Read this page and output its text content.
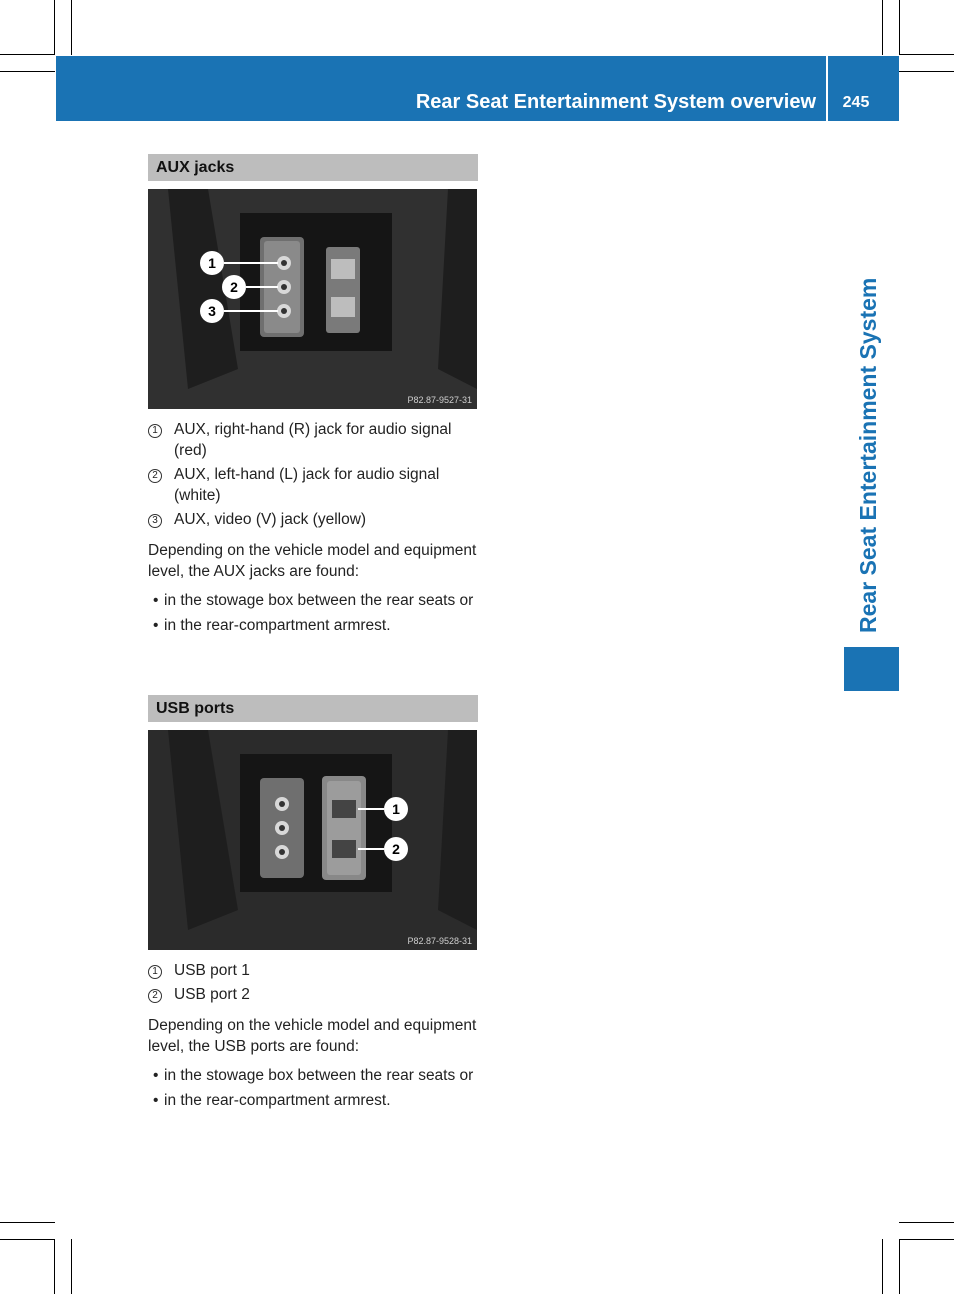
Rear Seat Entertainment System overview	245
Rear Seat Entertainment System
AUX jacks
1
2
3
P82.87-9527-31
1	AUX, right-hand (R) jack for audio signal (red)
2	AUX, left-hand (L) jack for audio signal (white)
3	AUX, video (V) jack (yellow)

Depending on the vehicle model and equipment level, the AUX jacks are found:

• in the stowage box between the rear seats or
• in the rear-compartment armrest.
USB ports
1
2
P82.87-9528-31
1	USB port 1
2	USB port 2

Depending on the vehicle model and equipment level, the USB ports are found:

• in the stowage box between the rear seats or
• in the rear-compartment armrest.
